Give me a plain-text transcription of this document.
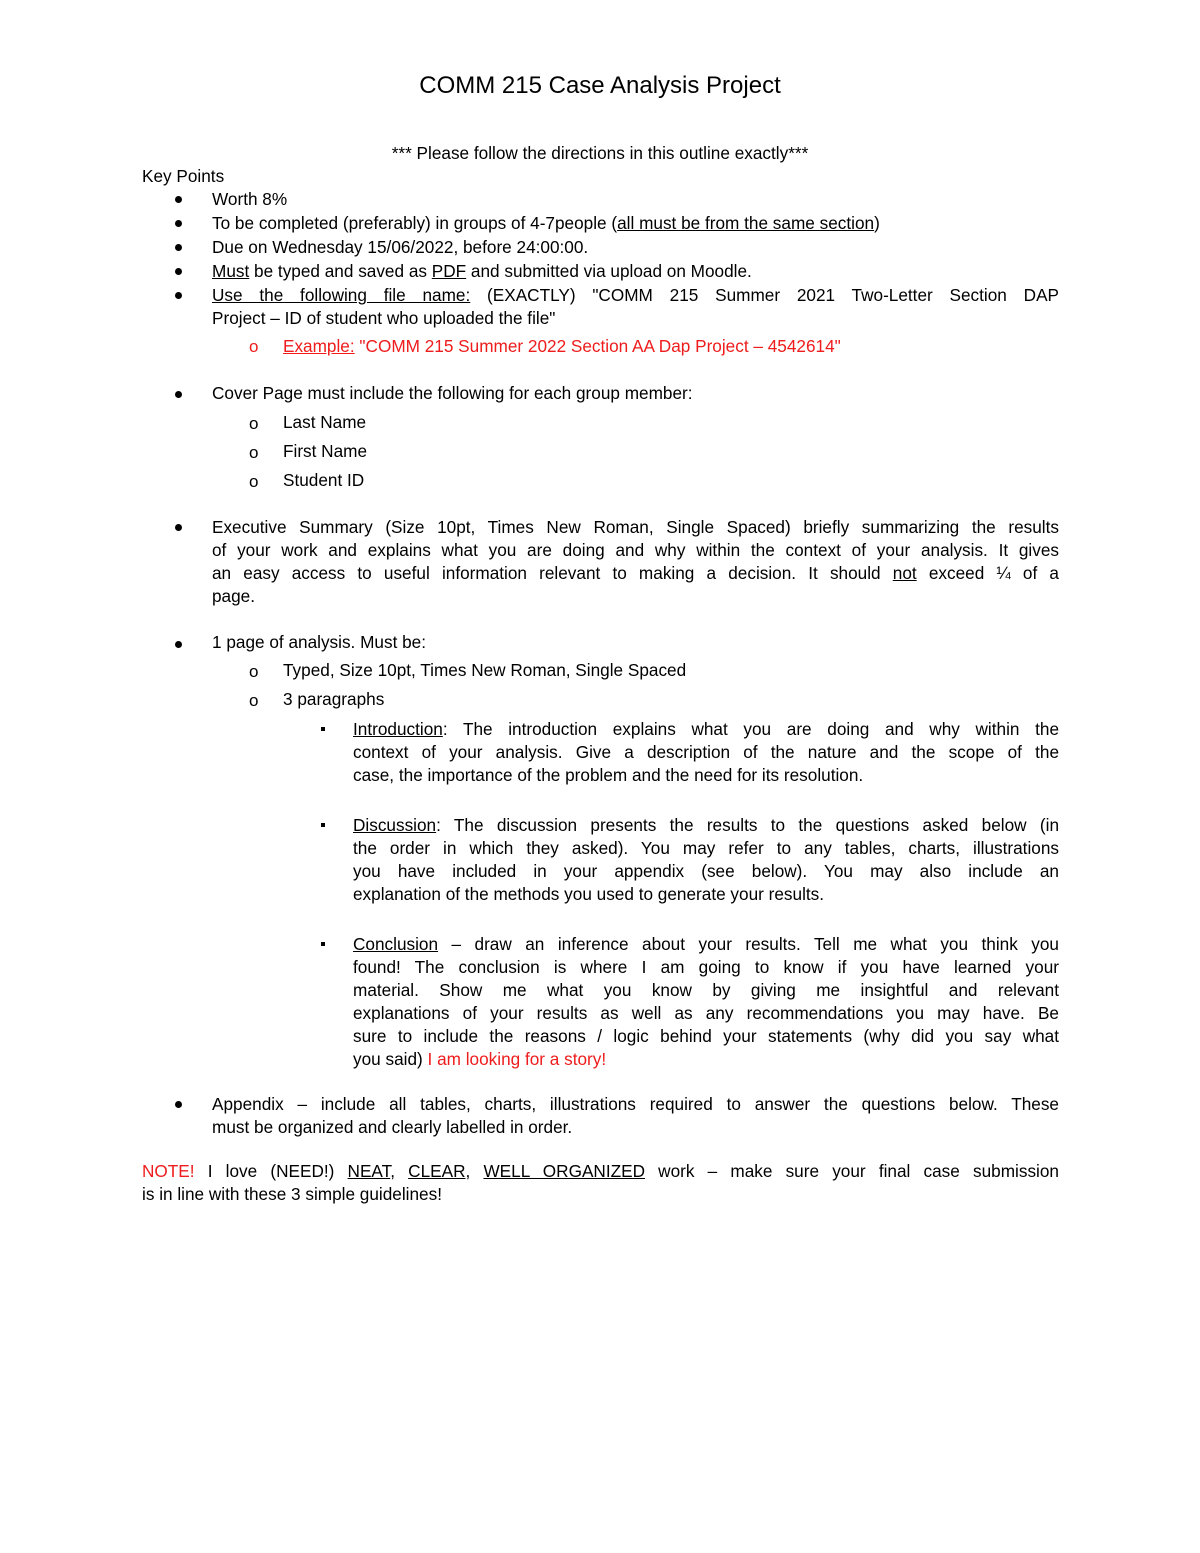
COMM 215 Case Analysis Project
*** Please follow the directions in this outline exactly***
Key Points
Worth 8%
To be completed (preferably) in groups of 4-7people (all must be from the same section)
Due on Wednesday 15/06/2022, before 24:00:00.
Must be typed and saved as PDF and submitted via upload on Moodle.
Use the following file name: (EXACTLY) "COMM 215 Summer 2021 Two-Letter Section DAP
Project – ID of student who uploaded the file"
o Example: "COMM 215 Summer 2022 Section AA Dap Project – 4542614"
Cover Page must include the following for each group member:
o Last Name
o First Name
o Student ID
Executive Summary (Size 10pt, Times New Roman, Single Spaced) briefly summarizing the results
of your work and explains what you are doing and why within the context of your analysis. It gives
an easy access to useful information relevant to making a decision. It should not exceed ¼ of a
page.
1 page of analysis. Must be:
o Typed, Size 10pt, Times New Roman, Single Spaced
o 3 paragraphs
Introduction: The introduction explains what you are doing and why within the
context of your analysis. Give a description of the nature and the scope of the
case, the importance of the problem and the need for its resolution.
Discussion: The discussion presents the results to the questions asked below (in
the order in which they asked). You may refer to any tables, charts, illustrations
you have included in your appendix (see below). You may also include an
explanation of the methods you used to generate your results.
Conclusion – draw an inference about your results. Tell me what you think you
found! The conclusion is where I am going to know if you have learned your
material. Show me what you know by giving me insightful and relevant
explanations of your results as well as any recommendations you may have. Be
sure to include the reasons / logic behind your statements (why did you say what
you said) I am looking for a story!
Appendix – include all tables, charts, illustrations required to answer the questions below. These
must be organized and clearly labelled in order.
NOTE! I love (NEED!) NEAT, CLEAR, WELL ORGANIZED work – make sure your final case submission
is in line with these 3 simple guidelines!
